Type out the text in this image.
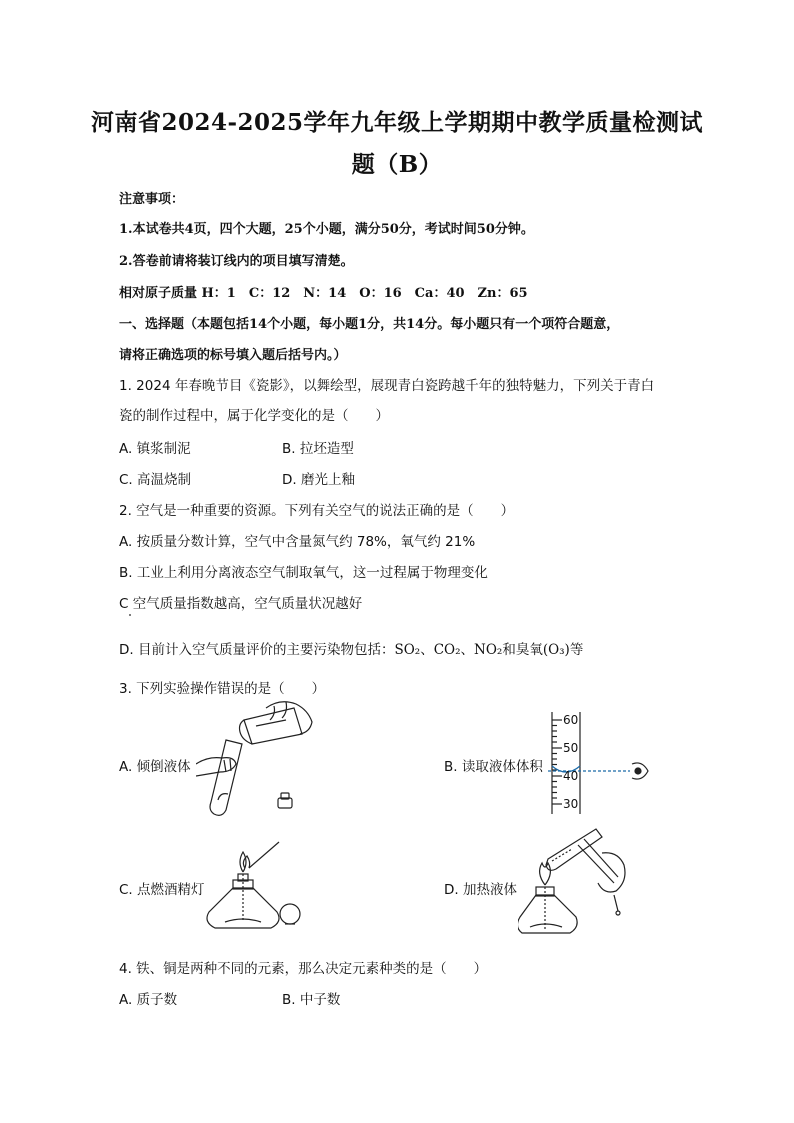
河南省2024-2025学年九年级上学期期中教学质量检测试
题（B）
注意事项：
1.本试卷共4页，四个大题，25个小题，满分50分，考试时间50分钟。
2.答卷前请将装订线内的项目填写清楚。
相对原子质量 H：1　C：12　N：14　O：16　Ca：40　Zn：65
一、选择题（本题包括14个小题，每小题1分，共14分。每小题只有一个项符合题意，
请将正确选项的标号填入题后括号内。）
1. 2024 年春晚节目《瓷影》，以舞绘型，展现青白瓷跨越千年的独特魅力，下列关于青白
瓷的制作过程中，属于化学变化的是（　　）
A. 镇浆制泥	B. 拉坯造型
C. 高温烧制	D. 磨光上釉
2. 空气是一种重要的资源。下列有关空气的说法正确的是（　　）
A. 按质量分数计算，空气中含量氮气约 78%，氧气约 21%
B. 工业上利用分离液态空气制取氧气，这一过程属于物理变化
C 空气质量指数越高，空气质量状况越好
D. 目前计入空气质量评价的主要污染物包括：SO₂、CO₂、NO₂和臭氧(O₃)等
3. 下列实验操作错误的是（　　）
A. 倾倒液体	B. 读取液体体积
C. 点燃酒精灯	D. 加热液体
60
50
40
30
4. 铁、铜是两种不同的元素，那么决定元素种类的是（　　）
A. 质子数	B. 中子数
